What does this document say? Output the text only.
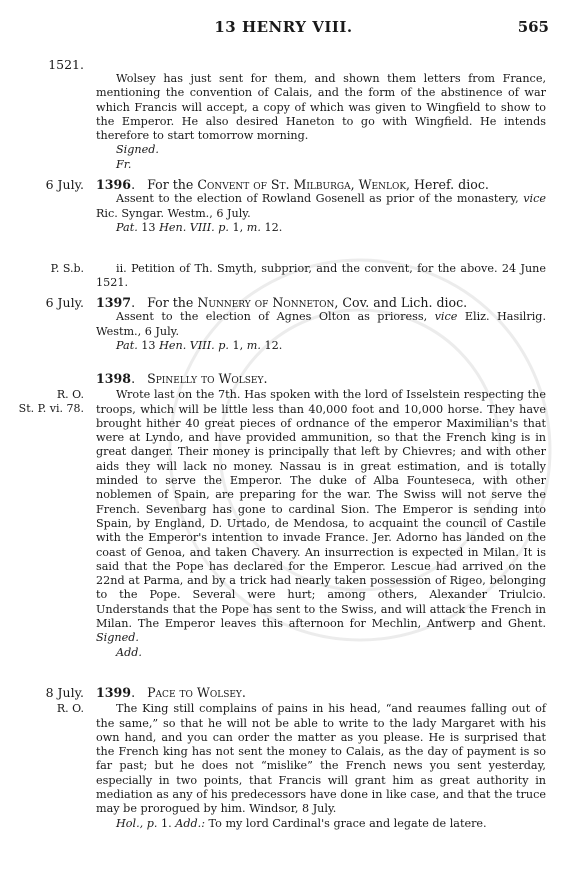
13 HENRY VIII.	565
1521.
Wolsey has just sent for them, and shown them letters from France, mentioning the convention of Calais, and the form of the abstinence of war which Francis will accept, a copy of which was given to Wingfield to show to the Emperor. He also desired Haneton to go with Wingfield. He intends therefore to start tomorrow morning.
Signed.
Fr.
6 July. 1396.   For the Convent of St. Milburga, Wenlok, Heref. dioc.
Assent to the election of Rowland Gosenell as prior of the monastery, vice Ric. Syngar. Westm., 6 July.
Pat. 13 Hen. VIII. p. 1, m. 12.
P. S.b.	ii. Petition of Th. Smyth, subprior, and the convent, for the above. 24 June 1521.
6 July. 1397.   For the Nunnery of Nonneton, Cov. and Lich. dioc.
Assent to the election of Agnes Olton as prioress, vice Eliz. Hasilrig. Westm., 6 July.
Pat. 13 Hen. VIII. p. 1, m. 12.
R. O.
St. P. vi. 78.
1398.   Spinelly to Wolsey.
Wrote last on the 7th. Has spoken with the lord of Isselstein respecting the troops, which will be little less than 40,000 foot and 10,000 horse. They have brought hither 40 great pieces of ordnance of the emperor Maximilian's that were at Lyndo, and have provided ammunition, so that the French king is in great danger. Their money is principally that left by Chievres; and with other aids they will lack no money. Nassau is in great estimation, and is totally minded to serve the Emperor. The duke of Alba Founteseca, with other noblemen of Spain, are preparing for the war. The Swiss will not serve the French. Sevenbarg has gone to cardinal Sion. The Emperor is sending into Spain, by England, D. Urtado, de Mendosa, to acquaint the council of Castile with the Emperor's intention to invade France. Jer. Adorno has landed on the coast of Genoa, and taken Chavery. An insurrection is expected in Milan. It is said that the Pope has declared for the Emperor. Lescue had arrived on the 22nd at Parma, and by a trick had nearly taken possession of Rigeo, belonging to the Pope. Several were hurt; among others, Alexander Triulcio. Understands that the Pope has sent to the Swiss, and will attack the French in Milan. The Emperor leaves this afternoon for Mechlin, Antwerp and Ghent. Signed.
Add.
8 July.
R. O.
1399.   Pace to Wolsey.
The King still complains of pains in his head, “and reaumes falling out of the same,” so that he will not be able to write to the lady Margaret with his own hand, and you can order the matter as you please. He is surprised that the French king has not sent the money to Calais, as the day of payment is so far past; but he does not “mislike” the French news you sent yesterday, especially in two points, that Francis will grant him as great authority in mediation as any of his predecessors have done in like case, and that the truce may be prorogued by him. Windsor, 8 July.
Hol., p. 1. Add.: To my lord Cardinal's grace and legate de latere.
